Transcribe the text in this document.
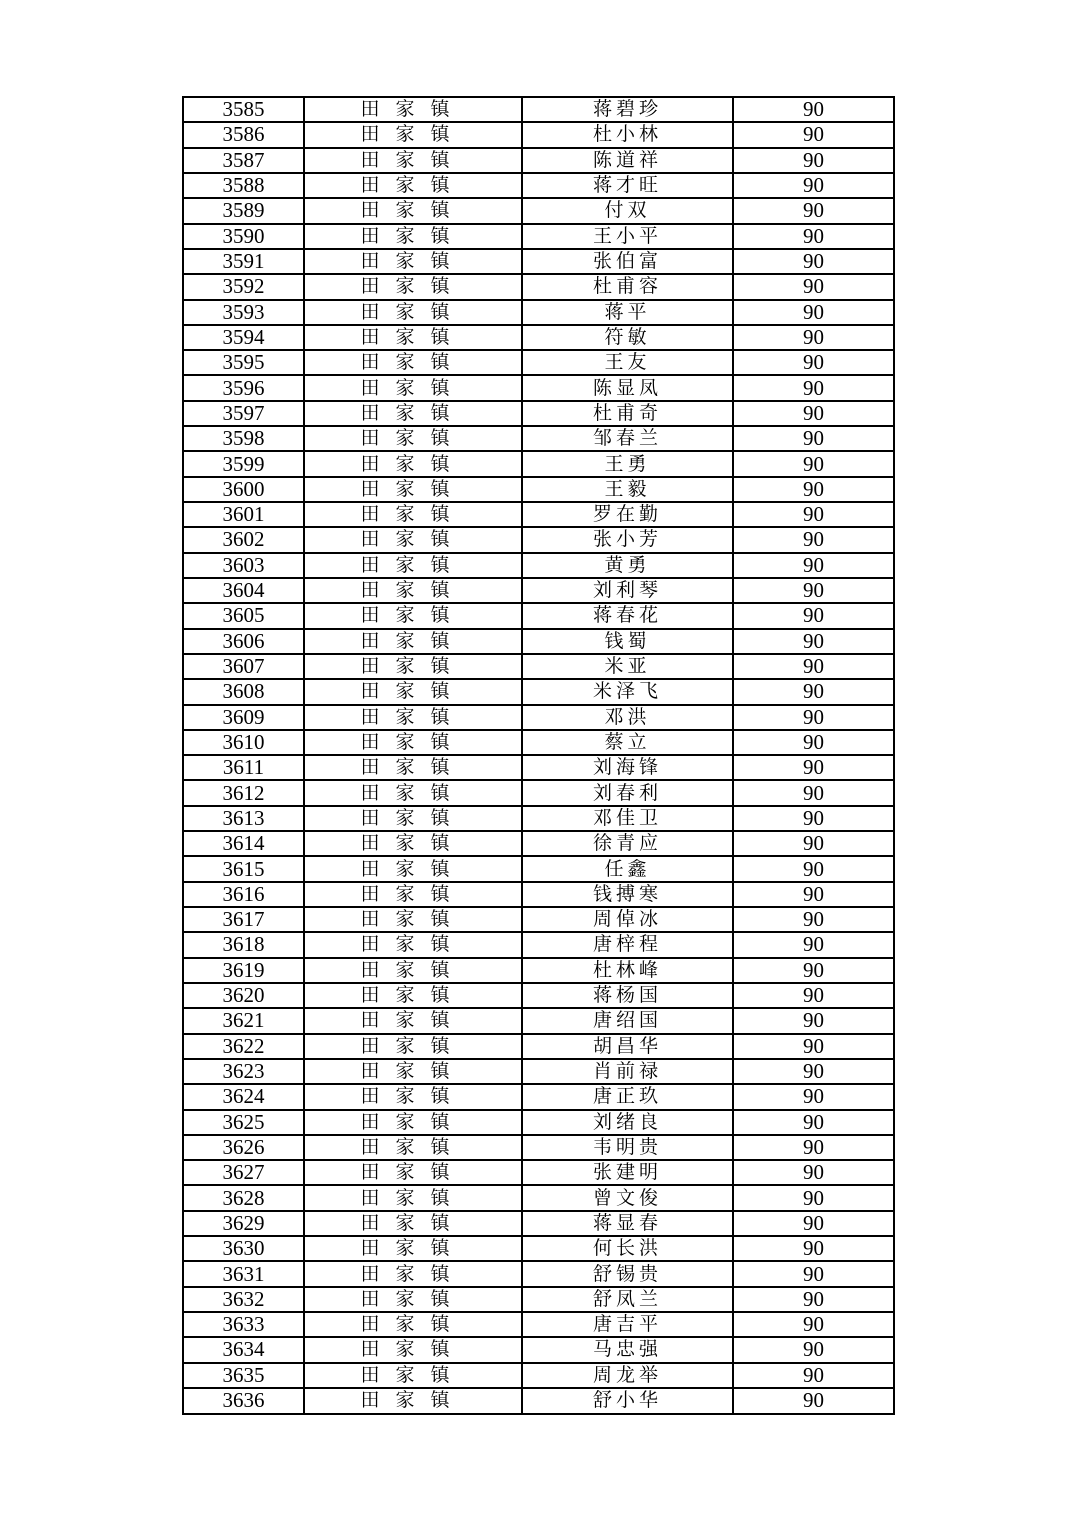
3585	田家镇	蒋碧珍	90
3586	田家镇	杜小林	90
3587	田家镇	陈道祥	90
3588	田家镇	蒋才旺	90
3589	田家镇	付双	90
3590	田家镇	王小平	90
3591	田家镇	张伯富	90
3592	田家镇	杜甫容	90
3593	田家镇	蒋平	90
3594	田家镇	符敏	90
3595	田家镇	王友	90
3596	田家镇	陈显凤	90
3597	田家镇	杜甫奇	90
3598	田家镇	邹春兰	90
3599	田家镇	王勇	90
3600	田家镇	王毅	90
3601	田家镇	罗在勤	90
3602	田家镇	张小芳	90
3603	田家镇	黄勇	90
3604	田家镇	刘利琴	90
3605	田家镇	蒋春花	90
3606	田家镇	钱蜀	90
3607	田家镇	米亚	90
3608	田家镇	米泽飞	90
3609	田家镇	邓洪	90
3610	田家镇	蔡立	90
3611	田家镇	刘海锋	90
3612	田家镇	刘春利	90
3613	田家镇	邓佳卫	90
3614	田家镇	徐青应	90
3615	田家镇	任鑫	90
3616	田家镇	钱搏寒	90
3617	田家镇	周倬冰	90
3618	田家镇	唐梓程	90
3619	田家镇	杜林峰	90
3620	田家镇	蒋杨国	90
3621	田家镇	唐绍国	90
3622	田家镇	胡昌华	90
3623	田家镇	肖前禄	90
3624	田家镇	唐正玖	90
3625	田家镇	刘绪良	90
3626	田家镇	韦明贵	90
3627	田家镇	张建明	90
3628	田家镇	曾文俊	90
3629	田家镇	蒋显春	90
3630	田家镇	何长洪	90
3631	田家镇	舒锡贵	90
3632	田家镇	舒凤兰	90
3633	田家镇	唐吉平	90
3634	田家镇	马忠强	90
3635	田家镇	周龙举	90
3636	田家镇	舒小华	90
